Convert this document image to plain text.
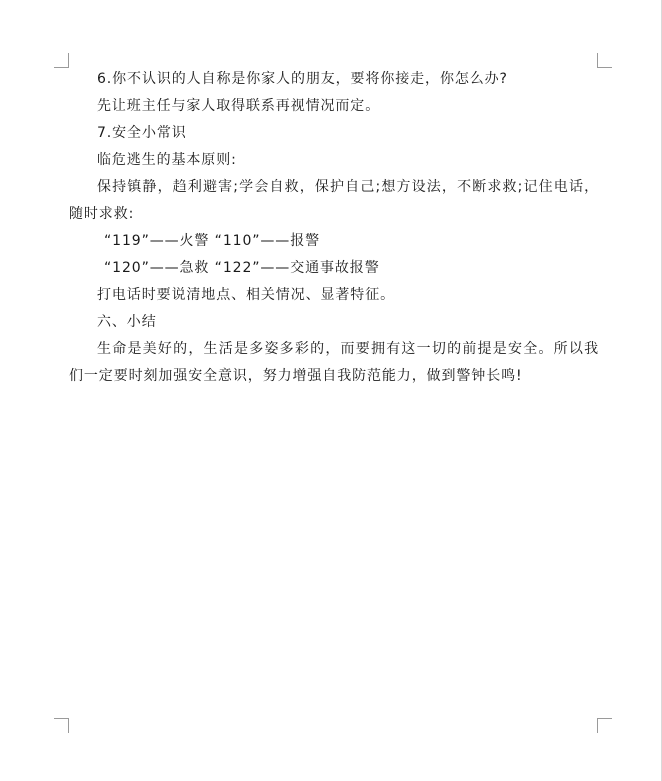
6.你不认识的人自称是你家人的朋友，要将你接走，你怎么办?
先让班主任与家人取得联系再视情况而定。
7.安全小常识
临危逃生的基本原则:
保持镇静，趋利避害;学会自救，保护自己;想方设法，不断求救;记住电话，
随时求救:
“119”——火警 “110”——报警
“120”——急救 “122”——交通事故报警
打电话时要说清地点、相关情况、显著特征。
六、小结
生命是美好的，生活是多姿多彩的，而要拥有这一切的前提是安全。所以我
们一定要时刻加强安全意识，努力增强自我防范能力，做到警钟长鸣!
